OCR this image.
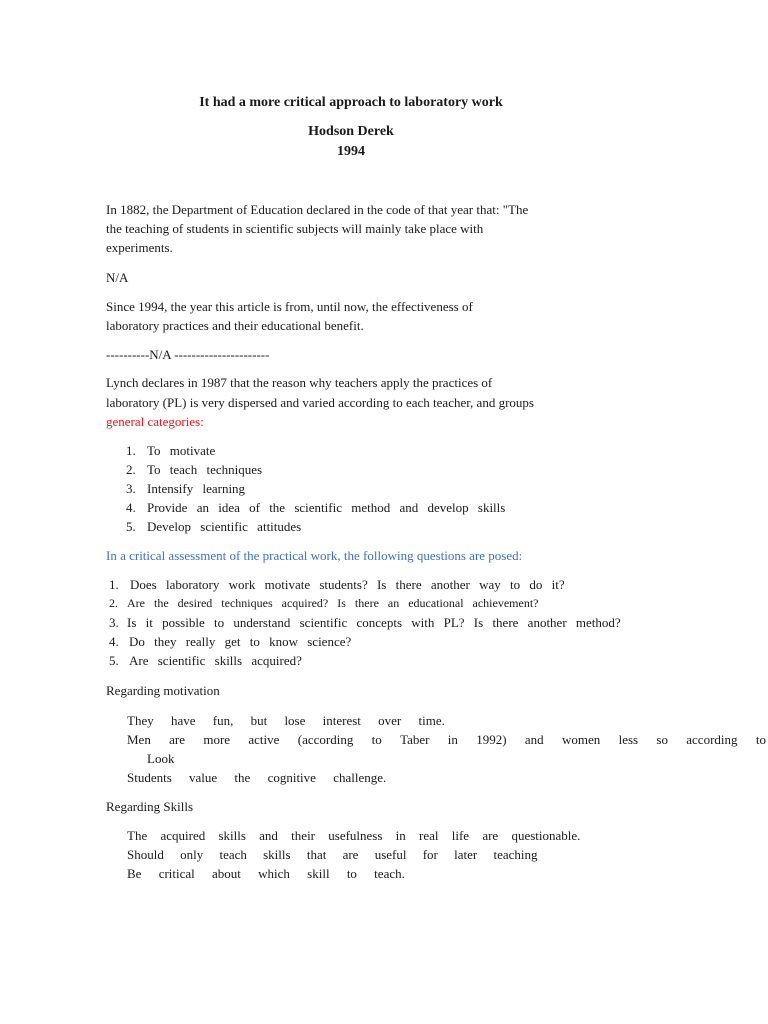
It had a more critical approach to laboratory work
Hodson Derek
1994
In 1882, the Department of Education declared in the code of that year that: "The
the teaching of students in scientific subjects will mainly take place with
experiments.
N/A
Since 1994, the year this article is from, until now, the effectiveness of
laboratory practices and their educational benefit.
----------N/A ----------------------
Lynch declares in 1987 that the reason why teachers apply the practices of
laboratory (PL) is very dispersed and varied according to each teacher, and groups
general categories:
1. To motivate
2. To teach techniques
3. Intensify learning
4. Provide an idea of the scientific method and develop skills
5. Develop scientific attitudes
In a critical assessment of the practical work, the following questions are posed:
1. Does laboratory work motivate students? Is there another way to do it?
2. Are the desired techniques acquired? Is there an educational achievement?
3. Is it possible to understand scientific concepts with PL? Is there another method?
4. Do they really get to know science?
5. Are scientific skills acquired?
Regarding motivation
They have fun, but lose interest over time.
Men are more active (according to Taber in 1992) and women less so according to
Look
Students value the cognitive challenge.
Regarding Skills
The acquired skills and their usefulness in real life are questionable.
Should only teach skills that are useful for later teaching
Be critical about which skill to teach.
